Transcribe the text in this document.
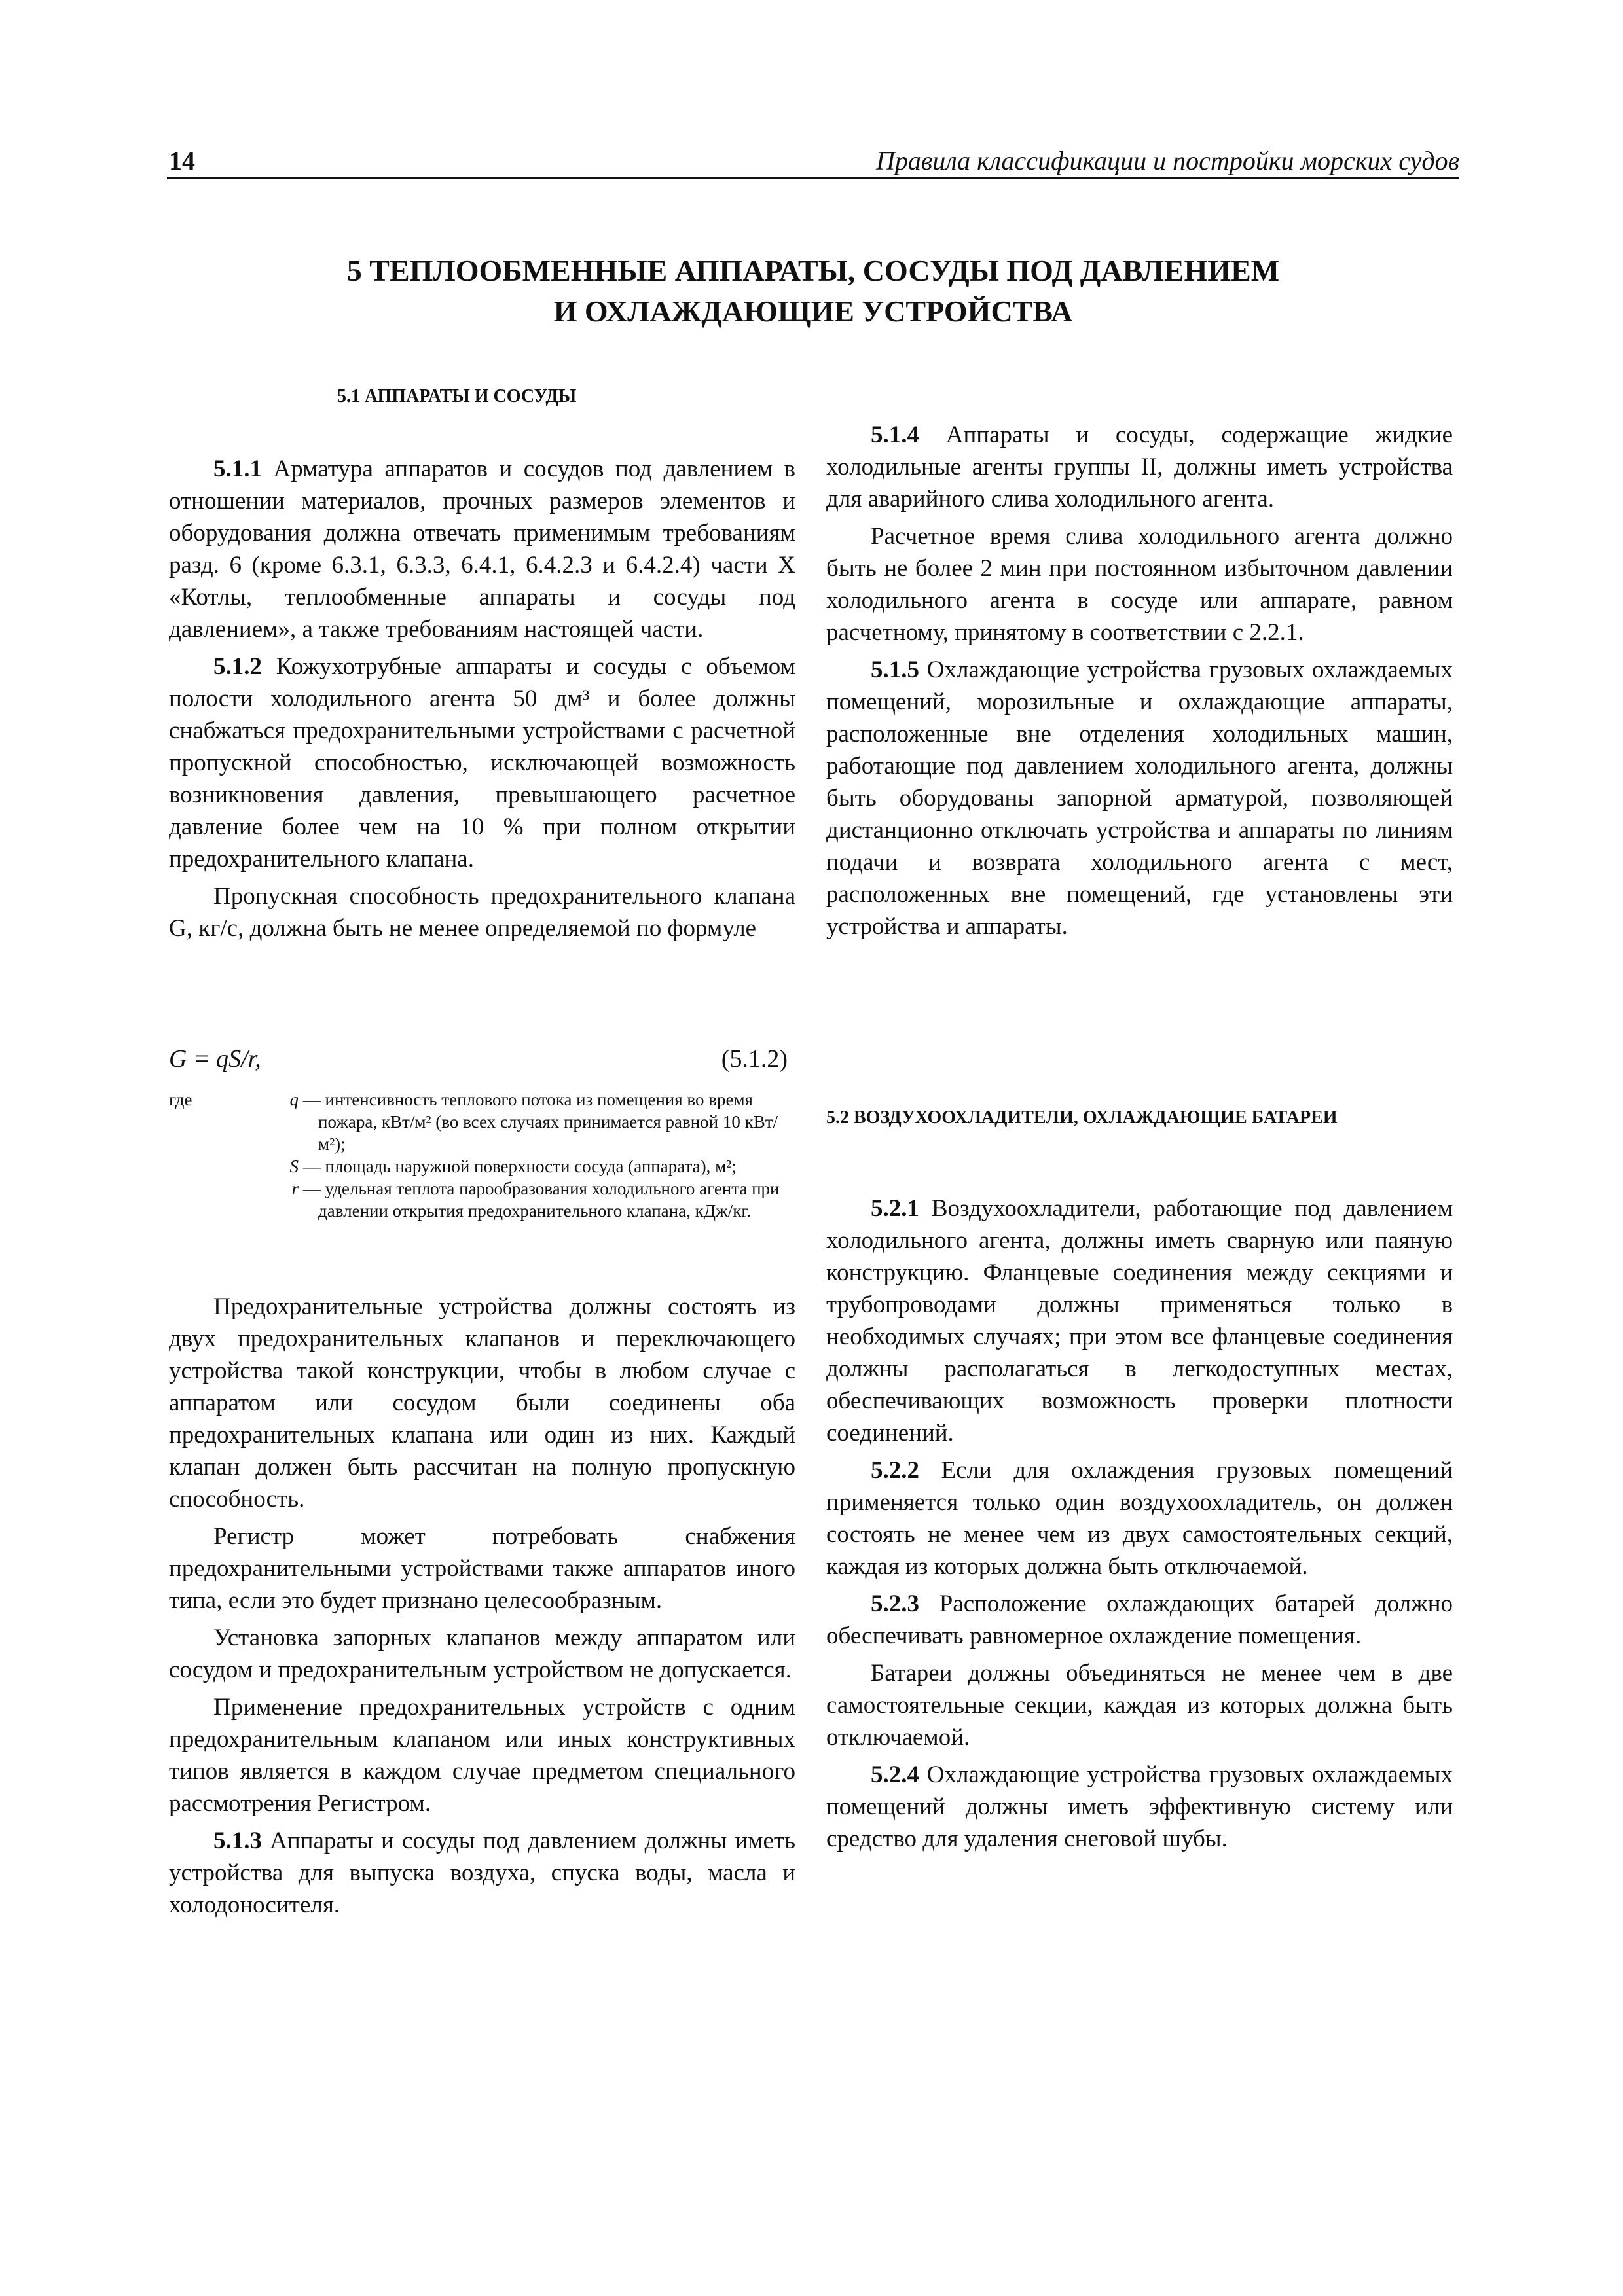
14	Правила классификации и постройки морских судов
5 ТЕПЛООБМЕННЫЕ АППАРАТЫ, СОСУДЫ ПОД ДАВЛЕНИЕМ
И ОХЛАЖДАЮЩИЕ УСТРОЙСТВА
5.1 АППАРАТЫ И СОСУДЫ

5.1.1 Арматура аппаратов и сосудов под давлением в отношении материалов, прочных размеров элементов и оборудования должна отвечать применимым требованиям разд. 6 (кроме 6.3.1, 6.3.3, 6.4.1, 6.4.2.3 и 6.4.2.4) части X «Котлы, теплообменные аппараты и сосуды под давлением», а также требованиям настоящей части.

5.1.2 Кожухотрубные аппараты и сосуды с объемом полости холодильного агента 50 дм³ и более должны снабжаться предохранительными устройствами с расчетной пропускной способностью, исключающей возможность возникновения давления, превышающего расчетное давление более чем на 10 % при полном открытии предохранительного клапана.

Пропускная способность предохранительного клапана G, кг/с, должна быть не менее определяемой по формуле

G = qS/r,	(5.1.2)
где	q — интенсивность теплового потока из помещения во время пожара, кВт/м² (во всех случаях принимается равной 10 кВт/м²);

S — площадь наружной поверхности сосуда (аппарата), м²;

r — удельная теплота парообразования холодильного агента при давлении открытия предохранительного клапана, кДж/кг.

Предохранительные устройства должны состоять из двух предохранительных клапанов и переключающего устройства такой конструкции, чтобы в любом случае с аппаратом или сосудом были соединены оба предохранительных клапана или один из них. Каждый клапан должен быть рассчитан на полную пропускную способность.

Регистр может потребовать снабжения предохранительными устройствами также аппаратов иного типа, если это будет признано целесообразным.

Установка запорных клапанов между аппаратом или сосудом и предохранительным устройством не допускается.

Применение предохранительных устройств с одним предохранительным клапаном или иных конструктивных типов является в каждом случае предметом специального рассмотрения Регистром.

5.1.3 Аппараты и сосуды под давлением должны иметь устройства для выпуска воздуха, спуска воды, масла и холодоносителя.

5.1.4 Аппараты и сосуды, содержащие жидкие холодильные агенты группы II, должны иметь устройства для аварийного слива холодильного агента.

Расчетное время слива холодильного агента должно быть не более 2 мин при постоянном избыточном давлении холодильного агента в сосуде или аппарате, равном расчетному, принятому в соответствии с 2.2.1.

5.1.5 Охлаждающие устройства грузовых охлаждаемых помещений, морозильные и охлаждающие аппараты, расположенные вне отделения холодильных машин, работающие под давлением холодильного агента, должны быть оборудованы запорной арматурой, позволяющей дистанционно отключать устройства и аппараты по линиям подачи и возврата холодильного агента с мест, расположенных вне помещений, где установлены эти устройства и аппараты.

5.2 ВОЗДУХООХЛАДИТЕЛИ, ОХЛАЖДАЮЩИЕ БАТАРЕИ

5.2.1 Воздухоохладители, работающие под давлением холодильного агента, должны иметь сварную или паяную конструкцию. Фланцевые соединения между секциями и трубопроводами должны применяться только в необходимых случаях; при этом все фланцевые соединения должны располагаться в легкодоступных местах, обеспечивающих возможность проверки плотности соединений.

5.2.2 Если для охлаждения грузовых помещений применяется только один воздухоохладитель, он должен состоять не менее чем из двух самостоятельных секций, каждая из которых должна быть отключаемой.

5.2.3 Расположение охлаждающих батарей должно обеспечивать равномерное охлаждение помещения.

Батареи должны объединяться не менее чем в две самостоятельные секции, каждая из которых должна быть отключаемой.

5.2.4 Охлаждающие устройства грузовых охлаждаемых помещений должны иметь эффективную систему или средство для удаления снеговой шубы.
